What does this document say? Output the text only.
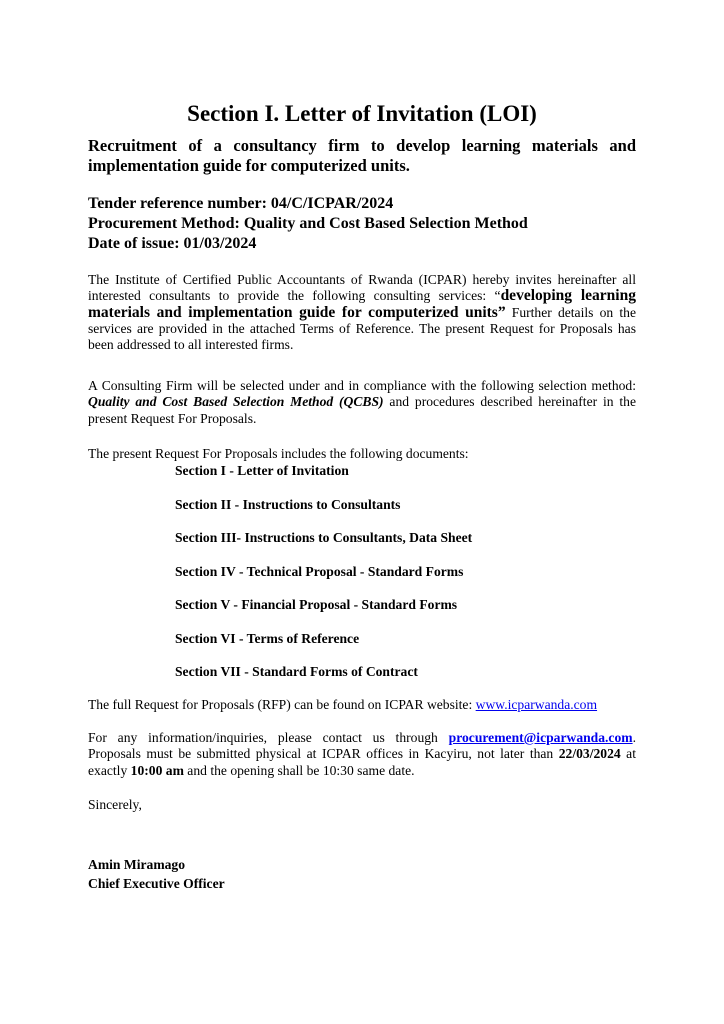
Section I. Letter of Invitation (LOI)

Recruitment of a consultancy firm to develop learning materials and implementation guide for computerized units.

Tender reference number: 04/C/ICPAR/2024
Procurement Method: Quality and Cost Based Selection Method
Date of issue: 01/03/2024

The Institute of Certified Public Accountants of Rwanda (ICPAR) hereby invites hereinafter all interested consultants to provide the following consulting services: “developing learning materials and implementation guide for computerized units” Further details on the services are provided in the attached Terms of Reference. The present Request for Proposals has been addressed to all interested firms.

A Consulting Firm will be selected under and in compliance with the following selection method: Quality and Cost Based Selection Method (QCBS) and procedures described hereinafter in the present Request For Proposals.

The present Request For Proposals includes the following documents:
Section I - Letter of Invitation
Section II - Instructions to Consultants
Section III- Instructions to Consultants, Data Sheet
Section IV - Technical Proposal - Standard Forms
Section V - Financial Proposal - Standard Forms
Section VI - Terms of Reference
Section VII - Standard Forms of Contract
The full Request for Proposals (RFP) can be found on ICPAR website: www.icparwanda.com

For any information/inquiries, please contact us through procurement@icparwanda.com. Proposals must be submitted physical at ICPAR offices in Kacyiru, not later than 22/03/2024 at exactly 10:00 am and the opening shall be 10:30 same date.

Sincerely,
Amin Miramago
Chief Executive Officer
